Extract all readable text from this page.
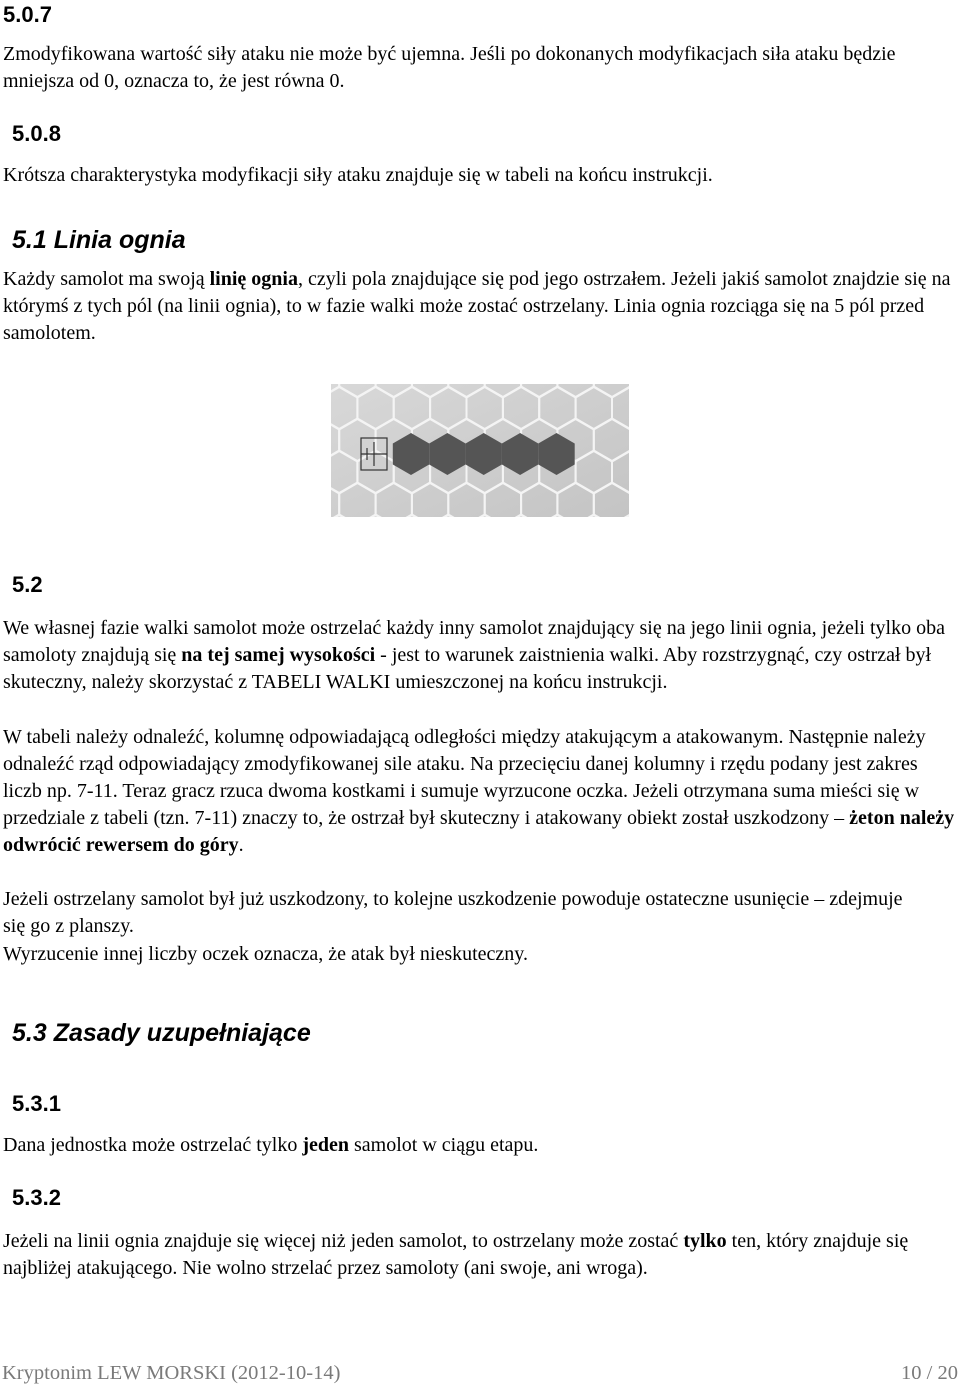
5.0.7

Zmodyfikowana wartość siły ataku nie może być ujemna. Jeśli po dokonanych modyfikacjach siła ataku będzie mniejsza od 0, oznacza to, że jest równa 0.

5.0.8

Krótsza charakterystyka modyfikacji siły ataku znajduje się w tabeli na końcu instrukcji.

5.1 Linia ognia

Każdy samolot ma swoją linię ognia, czyli pola znajdujące się pod jego ostrzałem. Jeżeli jakiś samolot znajdzie się na którymś z tych pól (na linii ognia), to w fazie walki może zostać ostrzelany. Linia ognia rozciąga się na 5 pól przed samolotem.

5.2

We własnej fazie walki samolot może ostrzelać każdy inny samolot znajdujący się na jego linii ognia, jeżeli tylko oba samoloty znajdują się na tej samej wysokości - jest to warunek zaistnienia walki. Aby rozstrzygnąć, czy ostrzał był skuteczny, należy skorzystać z TABELI WALKI umieszczonej na końcu instrukcji.

W tabeli należy odnaleźć, kolumnę odpowiadającą odległości między atakującym a atakowanym. Następnie należy odnaleźć rząd odpowiadający zmodyfikowanej sile ataku. Na przecięciu danej kolumny i rzędu podany jest zakres liczb np. 7-11. Teraz gracz rzuca dwoma kostkami i sumuje wyrzucone oczka. Jeżeli otrzymana suma mieści się w przedziale z tabeli (tzn. 7-11) znaczy to, że ostrzał był skuteczny i atakowany obiekt został uszkodzony – żeton należy odwrócić rewersem do góry.

Jeżeli ostrzelany samolot był już uszkodzony, to kolejne uszkodzenie powoduje ostateczne usunięcie – zdejmuje się go z planszy.

Wyrzucenie innej liczby oczek oznacza, że atak był nieskuteczny.

5.3 Zasady uzupełniające
5.3.1

Dana jednostka może ostrzelać tylko jeden samolot w ciągu etapu.

5.3.2

Jeżeli na linii ognia znajduje się więcej niż jeden samolot, to ostrzelany może zostać tylko ten, który znajduje się najbliżej atakującego. Nie wolno strzelać przez samoloty (ani swoje, ani wroga).

Kryptonim LEW MORSKI (2012-10-14)	10 / 20
